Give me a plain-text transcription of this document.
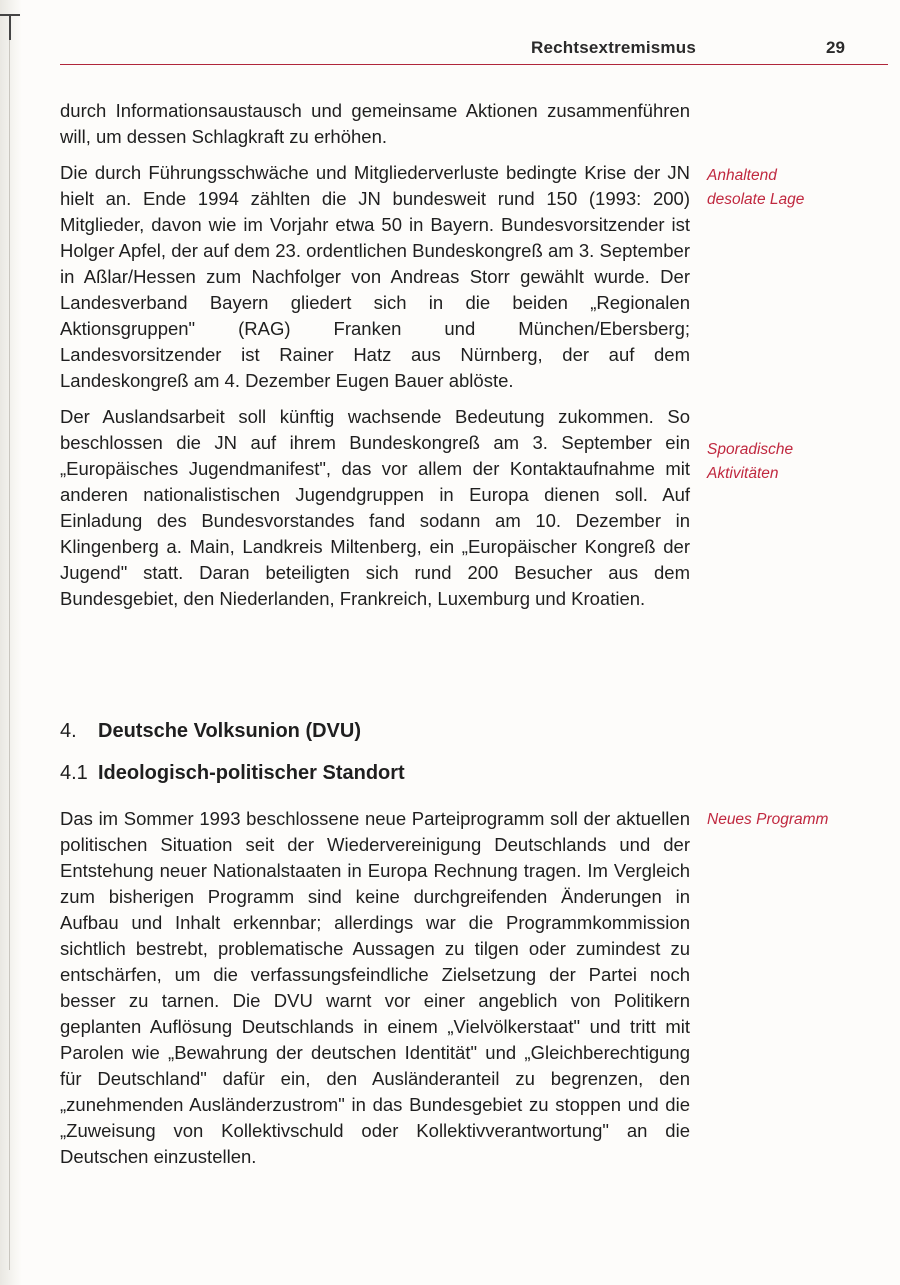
Rechtsextremismus	29

durch Informationsaustausch und gemeinsame Aktionen zusammenführen will, um dessen Schlagkraft zu erhöhen.

Die durch Führungsschwäche und Mitgliederverluste bedingte Krise der JN hielt an. Ende 1994 zählten die JN bundesweit rund 150 (1993: 200) Mitglieder, davon wie im Vorjahr etwa 50 in Bayern. Bundesvorsitzender ist Holger Apfel, der auf dem 23. ordentlichen Bundeskongreß am 3. September in Aßlar/Hessen zum Nachfolger von Andreas Storr gewählt wurde. Der Landesverband Bayern gliedert sich in die beiden „Regionalen Aktionsgruppen" (RAG) Franken und München/Ebersberg; Landesvorsitzender ist Rainer Hatz aus Nürnberg, der auf dem Landeskongreß am 4. Dezember Eugen Bauer ablöste.

Der Auslandsarbeit soll künftig wachsende Bedeutung zukommen. So beschlossen die JN auf ihrem Bundeskongreß am 3. September ein „Europäisches Jugendmanifest", das vor allem der Kontaktaufnahme mit anderen nationalistischen Jugendgruppen in Europa dienen soll. Auf Einladung des Bundesvorstandes fand sodann am 10. Dezember in Klingenberg a. Main, Landkreis Miltenberg, ein „Europäischer Kongreß der Jugend" statt. Daran beteiligten sich rund 200 Besucher aus dem Bundesgebiet, den Niederlanden, Frankreich, Luxemburg und Kroatien.

Anhaltend
desolate Lage
Sporadische
Aktivitäten
4. Deutsche Volksunion (DVU)
4.1 Ideologisch-politischer Standort

Das im Sommer 1993 beschlossene neue Parteiprogramm soll der aktuellen politischen Situation seit der Wiedervereinigung Deutschlands und der Entstehung neuer Nationalstaaten in Europa Rechnung tragen. Im Vergleich zum bisherigen Programm sind keine durchgreifenden Änderungen in Aufbau und Inhalt erkennbar; allerdings war die Programmkommission sichtlich bestrebt, problematische Aussagen zu tilgen oder zumindest zu entschärfen, um die verfassungsfeindliche Zielsetzung der Partei noch besser zu tarnen. Die DVU warnt vor einer angeblich von Politikern geplanten Auflösung Deutschlands in einem „Vielvölkerstaat" und tritt mit Parolen wie „Bewahrung der deutschen Identität" und „Gleichberechtigung für Deutschland" dafür ein, den Ausländeranteil zu begrenzen, den „zunehmenden Ausländerzustrom" in das Bundesgebiet zu stoppen und die „Zuweisung von Kollektivschuld oder Kollektivverantwortung" an die Deutschen einzustellen.

Neues Programm
